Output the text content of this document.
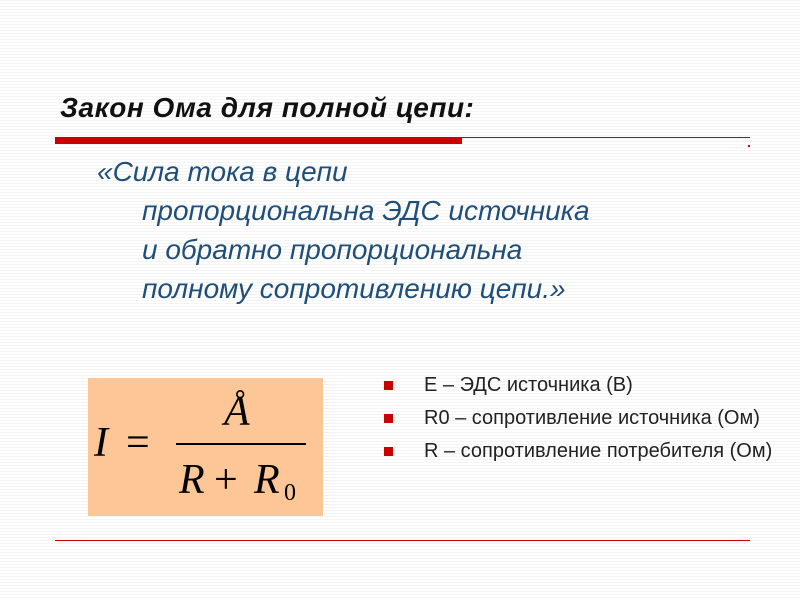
Закон Ома для полной цепи:
«Сила тока в цепи
пропорциональна ЭДС источника
и обратно пропорциональна
полному сопротивлению цепи.»
I =
Å
R + R 0
Е – ЭДС источника (В)
R0 – сопротивление источника (Ом)
R – сопротивление потребителя (Ом)
